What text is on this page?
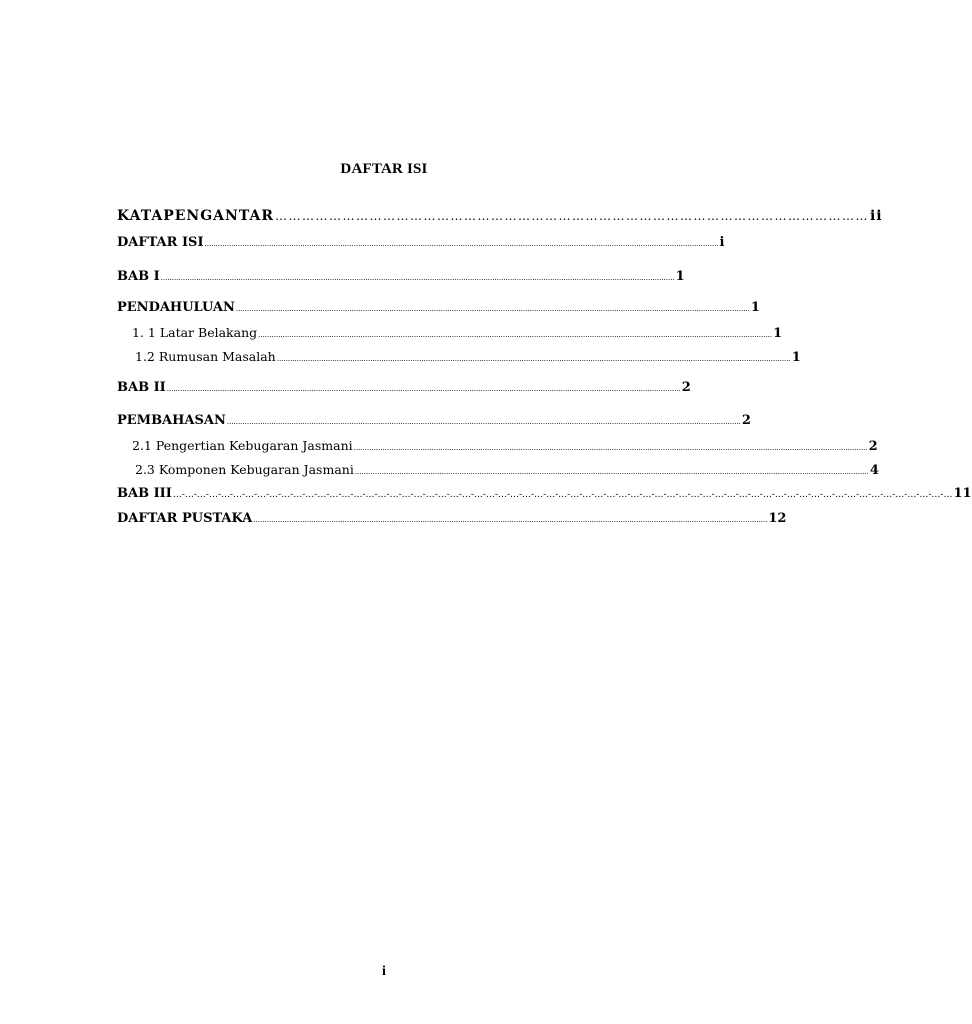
DAFTAR ISI
KATAPENGANTAR …………………………………………………………………………………………………………………… ii
DAFTAR ISI ....................................................................................................................................................................................................................................... i
BAB I ....................................................................................................................................................................................................................................... 1
PENDAHULUAN ....................................................................................................................................................................................................................................... 1
1. 1 Latar Belakang ....................................................................................................................................................................................................................................... 1
1.2 Rumusan Masalah ....................................................................................................................................................................................................................................... 1
BAB II ....................................................................................................................................................................................................................................... 2
PEMBAHASAN ....................................................................................................................................................................................................................................... 2
2.1 Pengertian Kebugaran Jasmani ....................................................................................................................................................................................................................................... 2
2.3 Komponen Kebugaran Jasmani ....................................................................................................................................................................................................................................... 4
BAB III …-…-…-…-…-…-…-…-…-…-…-…-…-…-…-…-…-…-…-…-…-…-…-…-…-…-…-…-…-…-…-…-…-…-…-…-…-…-…-…-…-…-…-…-…-…-…-…-…-…-…-…-…-…-…-…-…-…-…-…-…-…-…-…-… 11
DAFTAR PUSTAKA ....................................................................................................................................................................................................................................... 12
i
